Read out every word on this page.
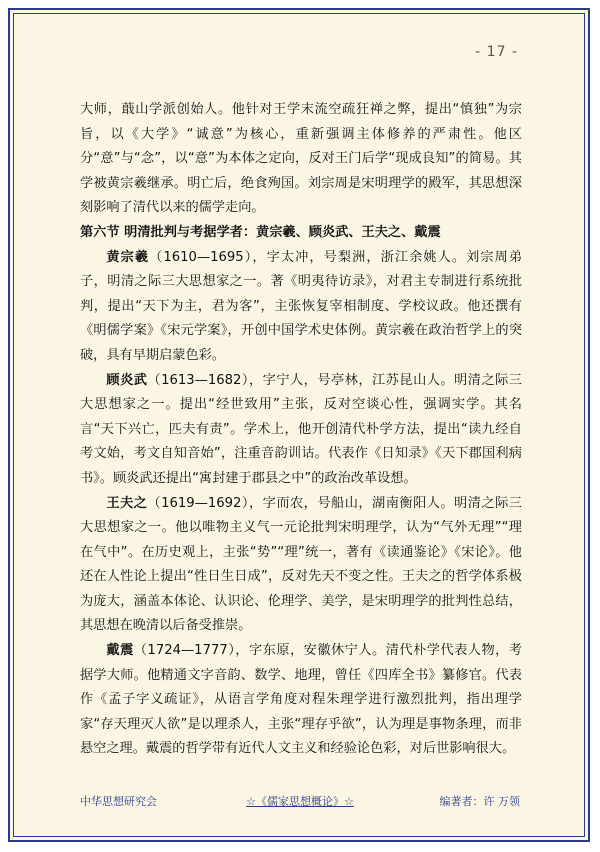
- 17 -

大师，蕺山学派创始人。他针对王学末流空疏狂禅之弊，提出“慎独”为宗旨，以《大学》“诚意”为核心，重新强调主体修养的严肃性。他区分“意”与“念”，以“意”为本体之定向，反对王门后学“现成良知”的简易。其学被黄宗羲继承。明亡后，绝食殉国。刘宗周是宋明理学的殿军，其思想深刻影响了清代以来的儒学走向。

第六节 明清批判与考据学者：黄宗羲、顾炎武、王夫之、戴震

黄宗羲（1610—1695），字太冲，号梨洲，浙江余姚人。刘宗周弟子，明清之际三大思想家之一。著《明夷待访录》，对君主专制进行系统批判，提出“天下为主，君为客”，主张恢复宰相制度、学校议政。他还撰有《明儒学案》《宋元学案》，开创中国学术史体例。黄宗羲在政治哲学上的突破，具有早期启蒙色彩。

顾炎武（1613—1682），字宁人，号亭林，江苏昆山人。明清之际三大思想家之一。提出“经世致用”主张，反对空谈心性，强调实学。其名言“天下兴亡，匹夫有责”。学术上，他开创清代朴学方法，提出“读九经自考文始，考文自知音始”，注重音韵训诂。代表作《日知录》《天下郡国利病书》。顾炎武还提出“寓封建于郡县之中”的政治改革设想。

王夫之（1619—1692），字而农，号船山，湖南衡阳人。明清之际三大思想家之一。他以唯物主义气一元论批判宋明理学，认为“气外无理”“理在气中”。在历史观上，主张“势”“理”统一，著有《读通鉴论》《宋论》。他还在人性论上提出“性日生日成”，反对先天不变之性。王夫之的哲学体系极为庞大，涵盖本体论、认识论、伦理学、美学，是宋明理学的批判性总结，其思想在晚清以后备受推崇。

戴震（1724—1777），字东原，安徽休宁人。清代朴学代表人物，考据学大师。他精通文字音韵、数学、地理，曾任《四库全书》纂修官。代表作《孟子字义疏证》，从语言学角度对程朱理学进行激烈批判，指出理学家“存天理灭人欲”是以理杀人，主张“理存乎欲”，认为理是事物条理，而非悬空之理。戴震的哲学带有近代人文主义和经验论色彩，对后世影响很大。

中华思想研究会	☆《儒家思想概论》☆	编著者：许 万领
